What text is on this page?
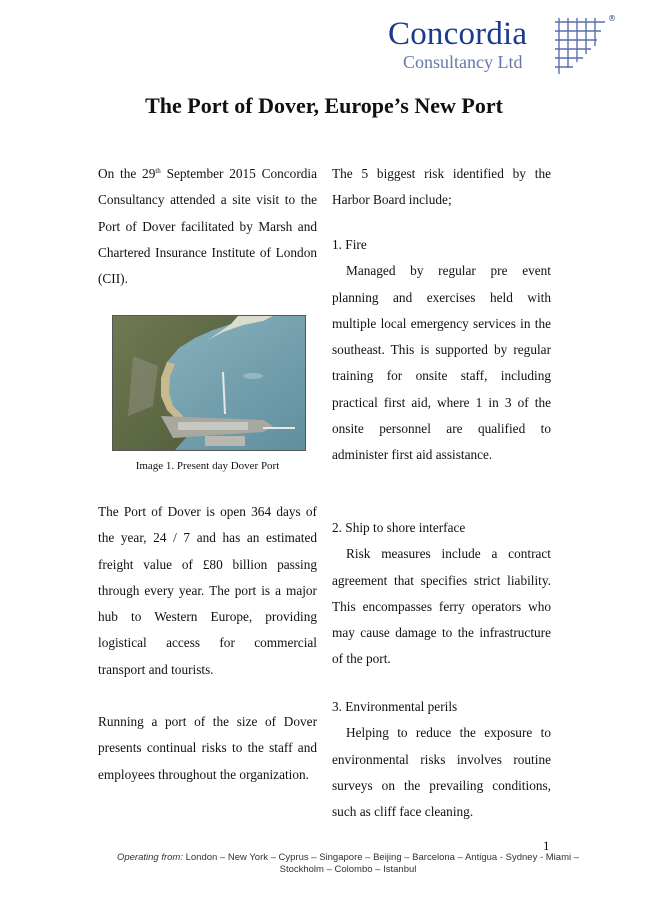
Concordia
Consultancy Ltd
®
The Port of Dover, Europe’s New Port

On the 29th September 2015 Concordia Consultancy attended a site visit to the Port of Dover facilitated by Marsh and Chartered Insurance Institute of London (CII).

Image 1. Present day Dover Port

The Port of Dover is open 364 days of the year, 24 / 7 and has an estimated freight value of £80 billion passing through every year. The port is a major hub to Western Europe, providing logistical access for commercial transport and tourists.

Running a port of the size of Dover presents continual risks to the staff and employees throughout the organization.

The 5 biggest risk identified by the Harbor Board include;

1. Fire

Managed by regular pre event planning and exercises held with multiple local emergency services in the southeast. This is supported by regular training for onsite staff, including practical first aid, where 1 in 3 of the onsite personnel are qualified to administer first aid assistance.

2. Ship to shore interface

Risk measures include a contract agreement that specifies strict liability. This encompasses ferry operators who may cause damage to the infrastructure of the port.

3. Environmental perils

Helping to reduce the exposure to environmental risks involves routine surveys on the prevailing conditions, such as cliff face cleaning.

1
Operating from: London – New York – Cyprus – Singapore – Beijing – Barcelona – Antigua - Sydney - Miami – Stockholm – Colombo – Istanbul
